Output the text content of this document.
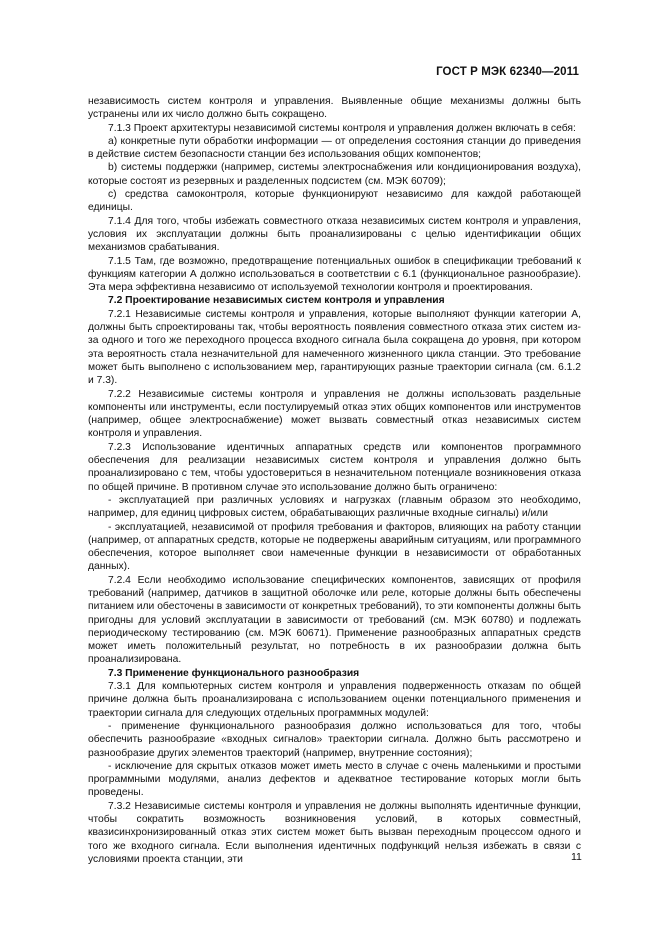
ГОСТ Р МЭК 62340—2011

независимость систем контроля и управления. Выявленные общие механизмы должны быть устранены или их число должно быть сокращено.

7.1.3 Проект архитектуры независимой системы контроля и управления должен включать в себя:

а) конкретные пути обработки информации — от определения состояния станции до приведения в действие систем безопасности станции без использования общих компонентов;

b) системы поддержки (например, системы электроснабжения или кондиционирования воздуха), которые состоят из резервных и разделенных подсистем (см. МЭК 60709);

с) средства самоконтроля, которые функционируют независимо для каждой работающей единицы.

7.1.4 Для того, чтобы избежать совместного отказа независимых систем контроля и управления, условия их эксплуатации должны быть проанализированы с целью идентификации общих механизмов срабатывания.

7.1.5 Там, где возможно, предотвращение потенциальных ошибок в спецификации требований к функциям категории А должно использоваться в соответствии с 6.1 (функциональное разнообразие). Эта мера эффективна независимо от используемой технологии контроля и проектирования.

7.2 Проектирование независимых систем контроля и управления

7.2.1 Независимые системы контроля и управления, которые выполняют функции категории А, должны быть спроектированы так, чтобы вероятность появления совместного отказа этих систем из-за одного и того же переходного процесса входного сигнала была сокращена до уровня, при котором эта вероятность стала незначительной для намеченного жизненного цикла станции. Это требование может быть выполнено с использованием мер, гарантирующих разные траектории сигнала (см. 6.1.2 и 7.3).

7.2.2 Независимые системы контроля и управления не должны использовать раздельные компоненты или инструменты, если постулируемый отказ этих общих компонентов или инструментов (например, общее электроснабжение) может вызвать совместный отказ независимых систем контроля и управления.

7.2.3 Использование идентичных аппаратных средств или компонентов программного обеспечения для реализации независимых систем контроля и управления должно быть проанализировано с тем, чтобы удостовериться в незначительном потенциале возникновения отказа по общей причине. В противном случае это использование должно быть ограничено:

- эксплуатацией при различных условиях и нагрузках (главным образом это необходимо, например, для единиц цифровых систем, обрабатывающих различные входные сигналы) и/или

- эксплуатацией, независимой от профиля требования и факторов, влияющих на работу станции (например, от аппаратных средств, которые не подвержены аварийным ситуациям, или программного обеспечения, которое выполняет свои намеченные функции в независимости от обработанных данных).

7.2.4 Если необходимо использование специфических компонентов, зависящих от профиля требований (например, датчиков в защитной оболочке или реле, которые должны быть обеспечены питанием или обесточены в зависимости от конкретных требований), то эти компоненты должны быть пригодны для условий эксплуатации в зависимости от требований (см. МЭК 60780) и подлежать периодическому тестированию (см. МЭК 60671). Применение разнообразных аппаратных средств может иметь положительный результат, но потребность в их разнообразии должна быть проанализирована.

7.3 Применение функционального разнообразия

7.3.1 Для компьютерных систем контроля и управления подверженность отказам по общей причине должна быть проанализирована с использованием оценки потенциального применения и траектории сигнала для следующих отдельных программных модулей:

- применение функционального разнообразия должно использоваться для того, чтобы обеспечить разнообразие «входных сигналов» траектории сигнала. Должно быть рассмотрено и разнообразие других элементов траекторий (например, внутренние состояния);

- исключение для скрытых отказов может иметь место в случае с очень маленькими и простыми программными модулями, анализ дефектов и адекватное тестирование которых могли быть проведены.

7.3.2 Независимые системы контроля и управления не должны выполнять идентичные функции, чтобы сократить возможность возникновения условий, в которых совместный, квазисинхронизированный отказ этих систем может быть вызван переходным процессом одного и того же входного сигнала. Если выполнения идентичных подфункций нельзя избежать в связи с условиями проекта станции, эти	11
